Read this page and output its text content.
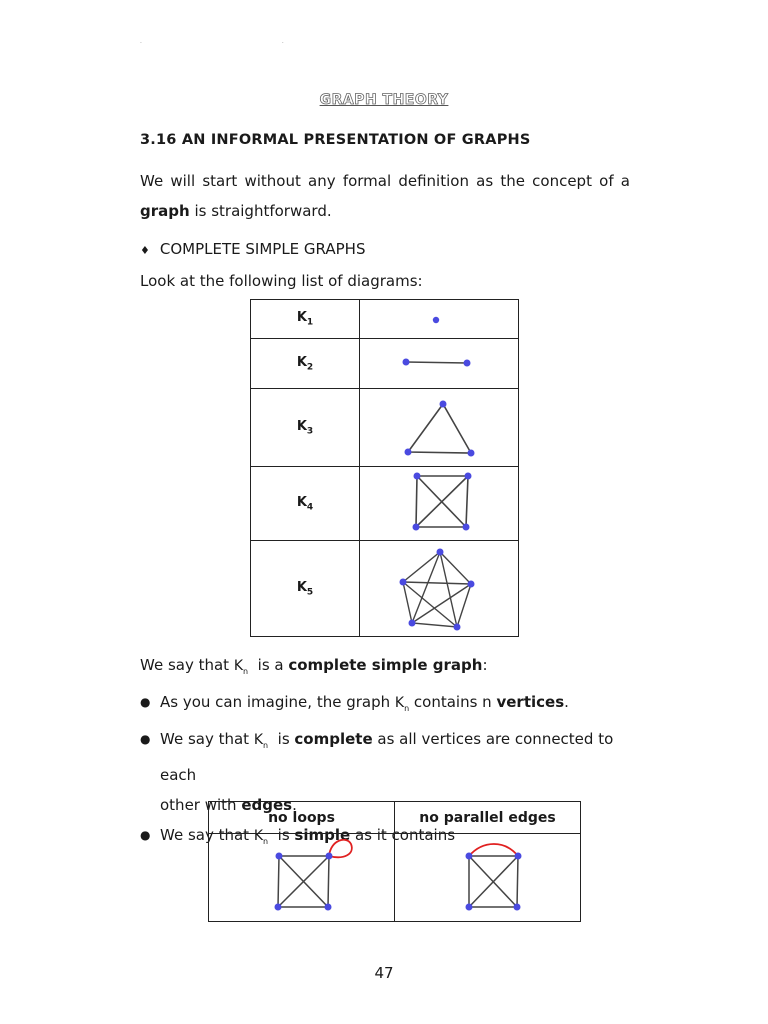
··
GRAPH THEORY
3.16 AN INFORMAL PRESENTATION OF GRAPHS
We will start without any formal definition as the concept of a
graph is straightforward.
♦ COMPLETE SIMPLE GRAPHS
Look at the following list of diagrams:
$K_1$	

$K_2$	

$K_3$	

$K_4$	

$K_5$	
We say that $K_n$  is a complete simple graph:
● As you can imagine, the graph $K_n$ contains n vertices.
● We say that $K_n$  is complete as all vertices are connected to each
other with edges.
● We say that $K_n$  is simple as it contains
no loops	no parallel edges

47
